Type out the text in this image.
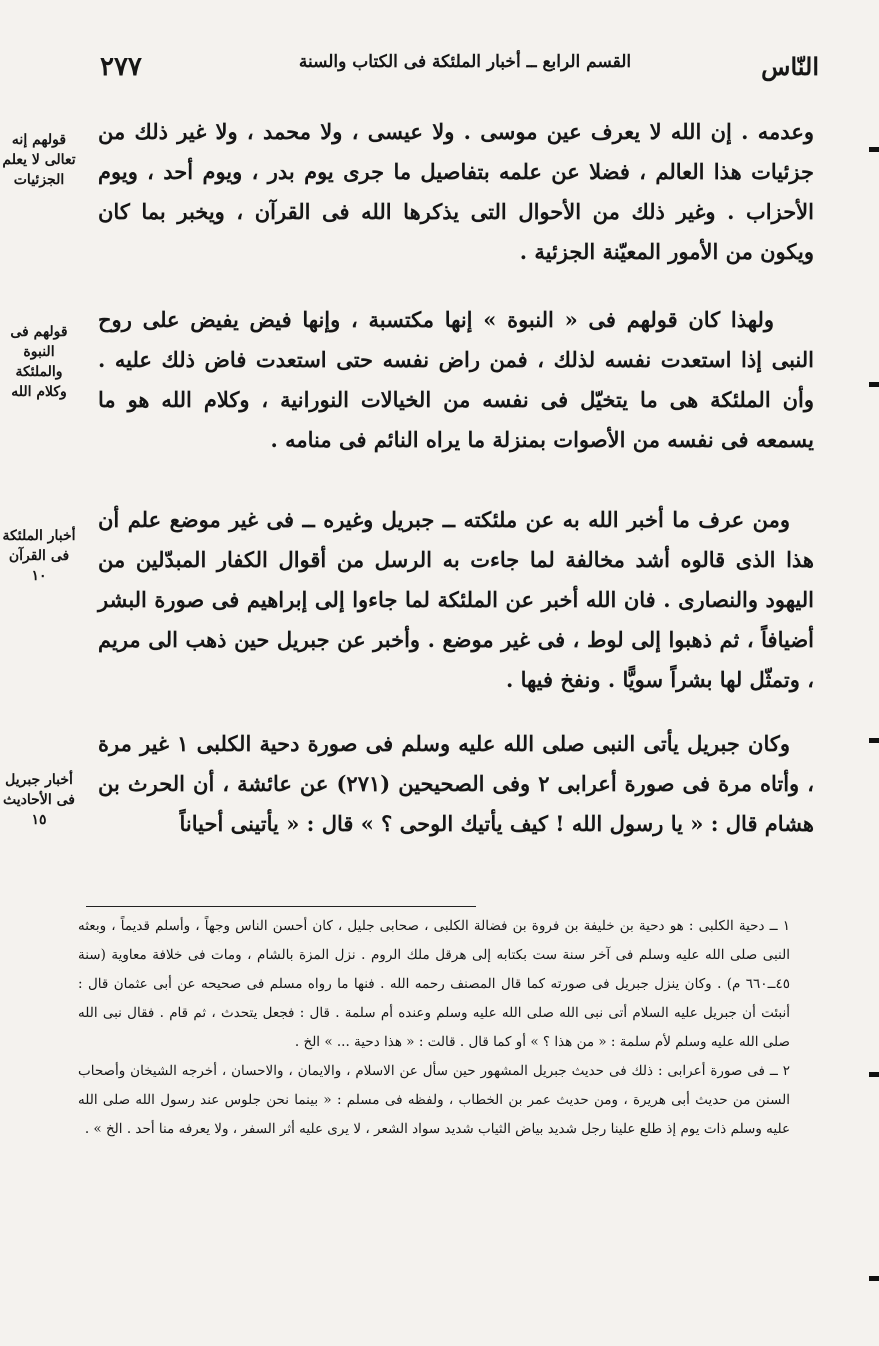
٢٧٧	القسم الرابع ــ أخبار الملئكة فى الكتاب والسنة	النّاس
قولهم إنه
تعالى لا يعلم
الجزئيات
قولهم فى النبوة
والملئكة
وكلام الله
أخبار الملئكة
فى القرآن
١٠
أخبار جبريل
فى الأحاديث
١٥

وعدمه . إن الله لا يعرف عين موسى . ولا عيسى ، ولا محمد ، ولا غير ذلك من جزئيات هذا العالم ، فضلا عن علمه بتفاصيل ما جرى يوم بدر ، ويوم أحد ، ويوم الأحزاب . وغير ذلك من الأحوال التى يذكرها الله فى القرآن ، ويخبر بما كان ويكون من الأمور المعيّنة الجزئية .

ولهذا كان قولهم فى « النبوة » إنها مكتسبة ، وإنها فيض يفيض على روح النبى إذا استعدت نفسه لذلك ، فمن راض نفسه حتى استعدت فاض ذلك عليه . وأن الملئكة هى ما يتخيّل فى نفسه من الخيالات النورانية ، وكلام الله هو ما يسمعه فى نفسه من الأصوات بمنزلة ما يراه النائم فى منامه .

ومن عرف ما أخبر الله به عن ملئكته ــ جبريل وغيره ــ فى غير موضع علم أن هذا الذى قالوه أشد مخالفة لما جاءت به الرسل من أقوال الكفار المبدّلين من اليهود والنصارى . فان الله أخبر عن الملئكة لما جاءوا إلى إبراهيم فى صورة البشر أضيافاً ، ثم ذهبوا إلى لوط ، فى غير موضع . وأخبر عن جبريل حين ذهب الى مريم ، وتمثّل لها بشراً سويًّا . ونفخ فيها .

وكان جبريل يأتى النبى صلى الله عليه وسلم فى صورة دحية الكلبى ١ غير مرة ، وأتاه مرة فى صورة أعرابى ٢ وفى الصحيحين (٢٧١) عن عائشة ، أن الحرث بن هشام قال : « يا رسول الله ! كيف يأتيك الوحى ؟ » قال : « يأتينى أحياناً

١ ــ دحية الكلبى : هو دحية بن خليفة بن فروة بن فضالة الكلبى ، صحابى جليل ، كان أحسن الناس وجهاً ، وأسلم قديماً ، وبعثه النبى صلى الله عليه وسلم فى آخر سنة ست بكتابه إلى هرقل ملك الروم . نزل المزة بالشام ، ومات فى خلافة معاوية (سنة ٤٥ــ٦٦٠ م) . وكان ينزل جبريل فى صورته كما قال المصنف رحمه الله . فنها ما رواه مسلم فى صحيحه عن أبى عثمان قال : أنبئت أن جبريل عليه السلام أتى نبى الله صلى الله عليه وسلم وعنده أم سلمة . قال : فجعل يتحدث ، ثم قام . فقال نبى الله صلى الله عليه وسلم لأم سلمة : « من هذا ؟ » أو كما قال . قالت : « هذا دحية ... » الخ .

٢ ــ فى صورة أعرابى : ذلك فى حديث جبريل المشهور حين سأل عن الاسلام ، والايمان ، والاحسان ، أخرجه الشيخان وأصحاب السنن من حديث أبى هريرة ، ومن حديث عمر بن الخطاب ، ولفظه فى مسلم : « بينما نحن جلوس عند رسول الله صلى الله عليه وسلم ذات يوم إذ طلع علينا رجل شديد بياض الثياب شديد سواد الشعر ، لا يرى عليه أثر السفر ، ولا يعرفه منا أحد . الخ » .
